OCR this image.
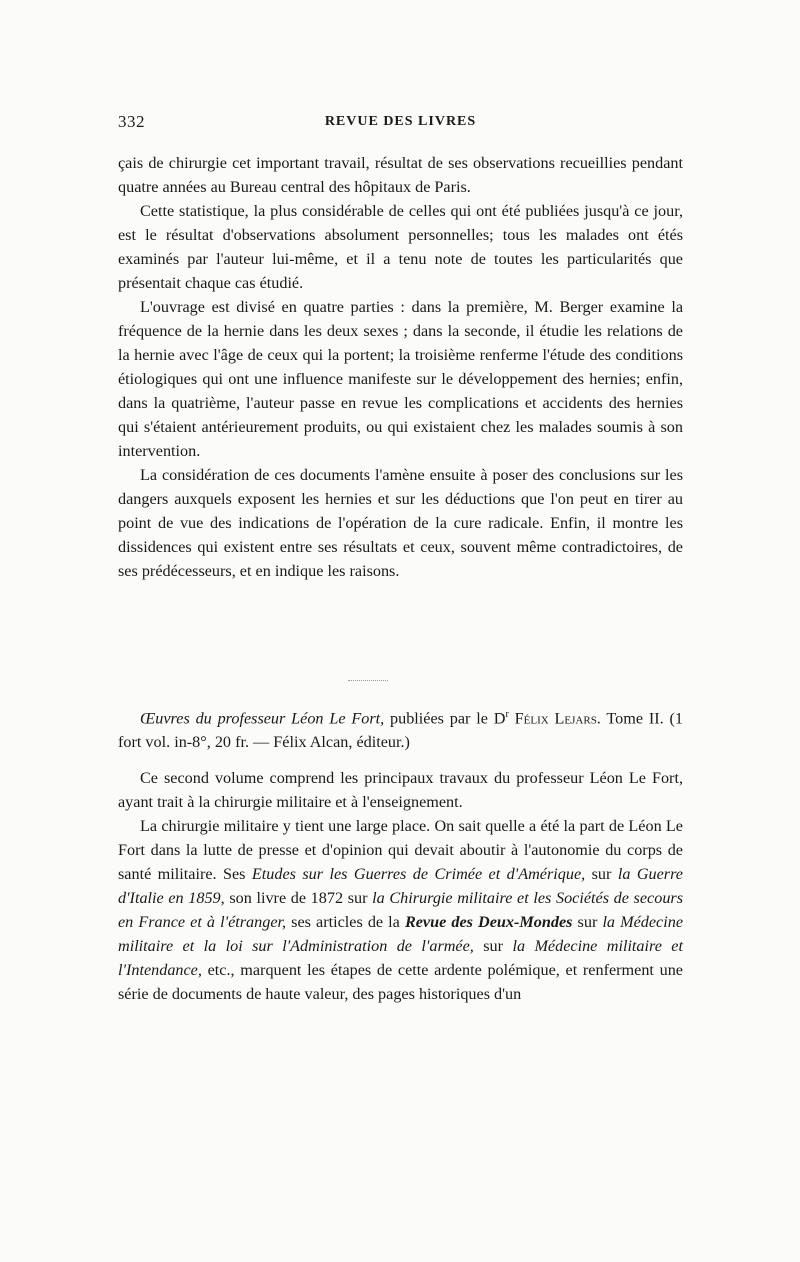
332	REVUE DES LIVRES

çais de chirurgie cet important travail, résultat de ses observations recueillies pendant quatre années au Bureau central des hôpitaux de Paris.

Cette statistique, la plus considérable de celles qui ont été publiées jusqu'à ce jour, est le résultat d'observations absolument personnelles; tous les malades ont étés examinés par l'auteur lui-même, et il a tenu note de toutes les particularités que présentait chaque cas étudié.

L'ouvrage est divisé en quatre parties : dans la première, M. Berger examine la fréquence de la hernie dans les deux sexes ; dans la seconde, il étudie les relations de la hernie avec l'âge de ceux qui la portent; la troisième renferme l'étude des conditions étiologiques qui ont une influence manifeste sur le développement des hernies; enfin, dans la quatrième, l'auteur passe en revue les complications et accidents des hernies qui s'étaient antérieurement produits, ou qui existaient chez les malades soumis à son intervention.

La considération de ces documents l'amène ensuite à poser des conclusions sur les dangers auxquels exposent les hernies et sur les déductions que l'on peut en tirer au point de vue des indications de l'opération de la cure radicale. Enfin, il montre les dissidences qui existent entre ses résultats et ceux, souvent même contradictoires, de ses prédécesseurs, et en indique les raisons.

Œuvres du professeur Léon Le Fort, publiées par le $D^r$ Félix Lejars. Tome II. (1 fort vol. in-8°, 20 fr. — Félix Alcan, éditeur.)

Ce second volume comprend les principaux travaux du professeur Léon Le Fort, ayant trait à la chirurgie militaire et à l'enseignement.

La chirurgie militaire y tient une large place. On sait quelle a été la part de Léon Le Fort dans la lutte de presse et d'opinion qui devait aboutir à l'autonomie du corps de santé militaire. Ses Etudes sur les Guerres de Crimée et d'Amérique, sur la Guerre d'Italie en 1859, son livre de 1872 sur la Chirurgie militaire et les Sociétés de secours en France et à l'étranger, ses articles de la Revue des Deux-Mondes sur la Médecine militaire et la loi sur l'Administration de l'armée, sur la Médecine militaire et l'Intendance, etc., marquent les étapes de cette ardente polémique, et renferment une série de documents de haute valeur, des pages historiques d'un
